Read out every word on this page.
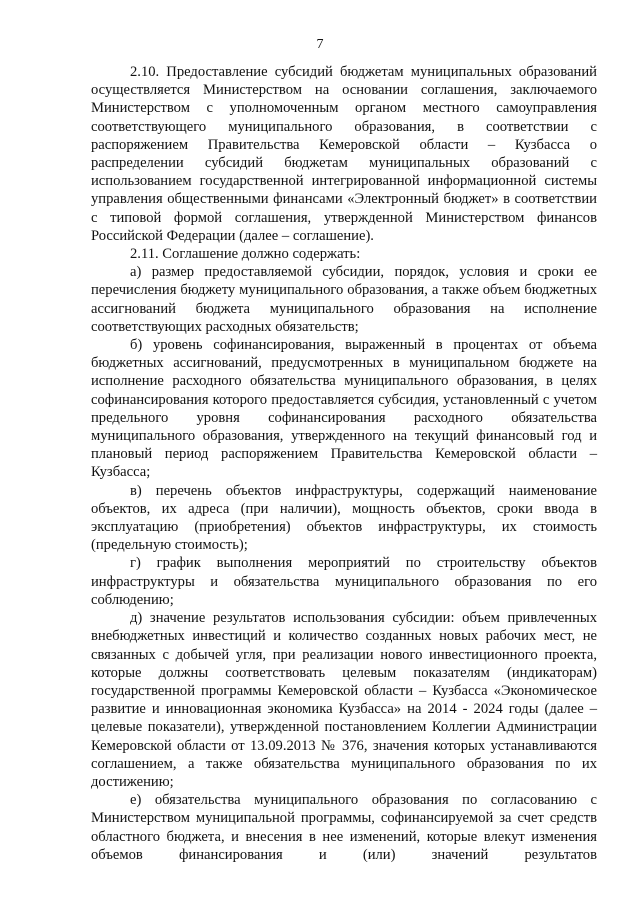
7

2.10. Предоставление субсидий бюджетам муниципальных образований осуществляется Министерством на основании соглашения, заключаемого Министерством с уполномоченным органом местного самоуправления соответствующего муниципального образования, в соответствии с распоряжением Правительства Кемеровской области – Кузбасса о распределении субсидий бюджетам муниципальных образований с использованием государственной интегрированной информационной системы управления общественными финансами «Электронный бюджет» в соответствии с типовой формой соглашения, утвержденной Министерством финансов Российской Федерации (далее – соглашение).

2.11. Соглашение должно содержать:

а) размер предоставляемой субсидии, порядок, условия и сроки ее перечисления бюджету муниципального образования, а также объем бюджетных ассигнований бюджета муниципального образования на исполнение соответствующих расходных обязательств;

б) уровень софинансирования, выраженный в процентах от объема бюджетных ассигнований, предусмотренных в муниципальном бюджете на исполнение расходного обязательства муниципального образования, в целях софинансирования которого предоставляется субсидия, установленный с учетом предельного уровня софинансирования расходного обязательства муниципального образования, утвержденного на текущий финансовый год и плановый период распоряжением Правительства Кемеровской области – Кузбасса;

в) перечень объектов инфраструктуры, содержащий наименование объектов, их адреса (при наличии), мощность объектов, сроки ввода в эксплуатацию (приобретения) объектов инфраструктуры, их стоимость (предельную стоимость);

г) график выполнения мероприятий по строительству объектов инфраструктуры и обязательства муниципального образования по его соблюдению;

д) значение результатов использования субсидии: объем привлеченных внебюджетных инвестиций и количество созданных новых рабочих мест, не связанных с добычей угля, при реализации нового инвестиционного проекта, которые должны соответствовать целевым показателям (индикаторам) государственной программы Кемеровской области – Кузбасса «Экономическое развитие и инновационная экономика Кузбасса» на 2014 - 2024 годы (далее – целевые показатели), утвержденной постановлением Коллегии Администрации Кемеровской области от 13.09.2013 № 376, значения которых устанавливаются соглашением, а также обязательства муниципального образования по их достижению;

е) обязательства муниципального образования по согласованию с Министерством муниципальной программы, софинансируемой за счет средств областного бюджета, и внесения в нее изменений, которые влекут изменения объемов финансирования и (или) значений результатов
